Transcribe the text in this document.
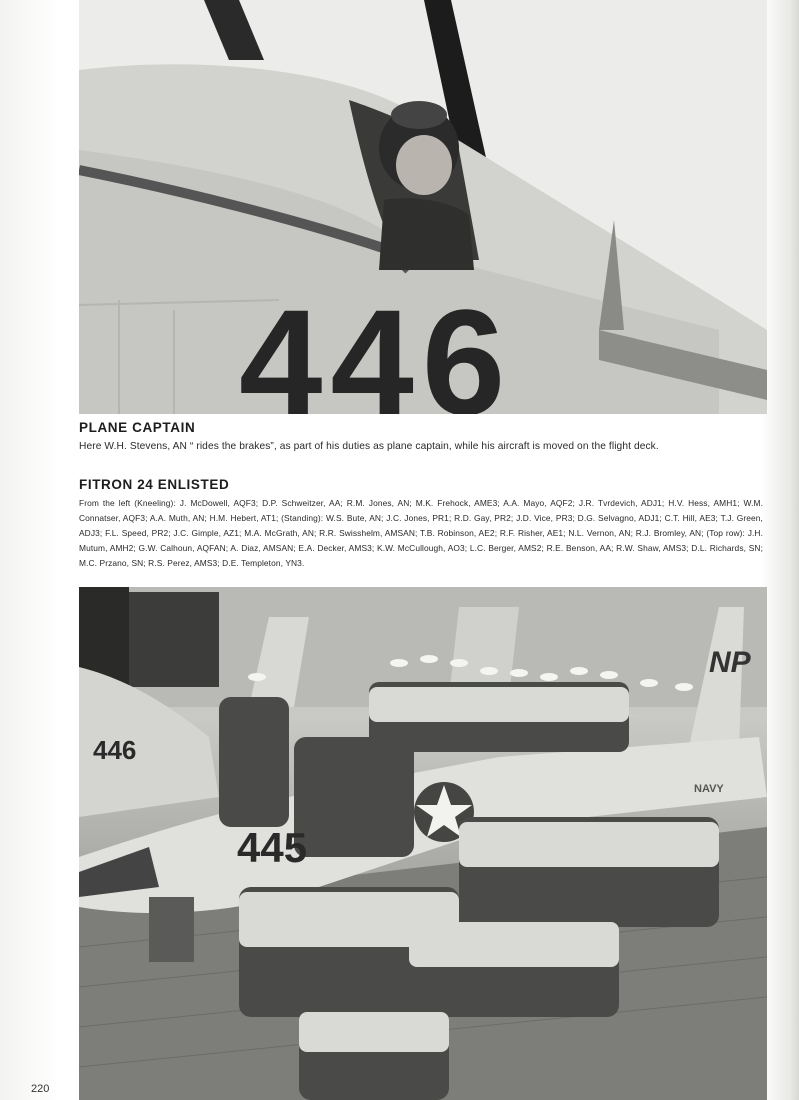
446
PLANE CAPTAIN

Here W.H. Stevens, AN “ rides the brakes”, as part of his duties as plane captain, while his aircraft is moved on the flight deck.

FITRON 24 ENLISTED

From the left (Kneeling): J. McDowell, AQF3; D.P. Schweitzer, AA; R.M. Jones, AN; M.K. Frehock, AME3; A.A. Mayo, AQF2; J.R. Tvrdevich, ADJ1; H.V. Hess, AMH1; W.M. Connatser, AQF3; A.A. Muth, AN; H.M. Hebert, AT1; (Standing): W.S. Bute, AN; J.C. Jones, PR1; R.D. Gay, PR2; J.D. Vice, PR3; D.G. Selvagno, ADJ1; C.T. Hill, AE3; T.J. Green, ADJ3; F.L. Speed, PR2; J.C. Gimple, AZ1; M.A. McGrath, AN; R.R. Swisshelm, AMSAN; T.B. Robinson, AE2; R.F. Risher, AE1; N.L. Vernon, AN; R.J. Bromley, AN; (Top row): J.H. Mutum, AMH2; G.W. Calhoun, AQFAN; A. Diaz, AMSAN; E.A. Decker, AMS3; K.W. McCullough, AO3; L.C. Berger, AMS2; R.E. Benson, AA; R.W. Shaw, AMS3; D.L. Richards, SN; M.C. Przano, SN; R.S. Perez, AMS3; D.E. Templeton, YN3.

446
445
NP
NAVY
220
